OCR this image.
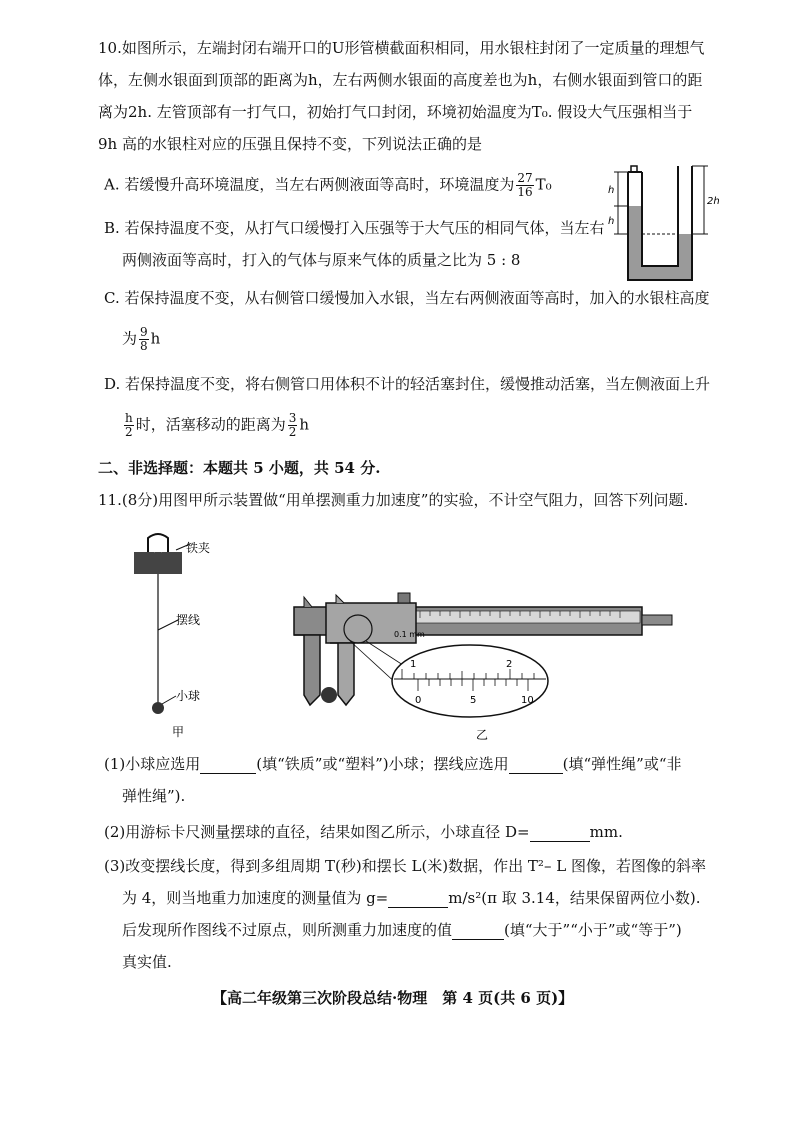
10.如图所示，左端封闭右端开口的U形管横截面积相同，用水银柱封闭了一定质量的理想气
体，左侧水银面到顶部的距离为h，左右两侧水银面的高度差也为h，右侧水银面到管口的距
离为2h. 左管顶部有一打气口，初始打气口封闭，环境初始温度为T₀. 假设大气压强相当于
9h 高的水银柱对应的压强且保持不变，下列说法正确的是
A. 若缓慢升高环境温度，当左右两侧液面等高时，环境温度为 $\frac{27}{16} T_0$
B. 若保持温度不变，从打气口缓慢打入压强等于大气压的相同气体，当左右
两侧液面等高时，打入的气体与原来气体的质量之比为 5 : 8
C. 若保持温度不变，从右侧管口缓慢加入水银，当左右两侧液面等高时，加入的水银柱高度
为 $\frac{9}{8}$ h
D. 若保持温度不变，将右侧管口用体积不计的轻活塞封住，缓慢推动活塞，当左侧液面上升
$\frac{h}{2}$ 时，活塞移动的距离为 $\frac{3}{2}$ h
h
h
2h
二、非选择题：本题共 5 小题，共 54 分.
11.(8分)用图甲所示装置做“用单摆测重力加速度”的实验，不计空气阻力，回答下列问题.
铁夹
摆线
小球
甲
0.1 mm
1	2
0	5	10
乙
(1)小球应选用	(填“铁质”或“塑料”)小球；摆线应选用	(填“弹性绳”或“非
弹性绳”).
(2)用游标卡尺测量摆球的直径，结果如图乙所示，小球直径 D=	mm.
(3)改变摆线长度，得到多组周期 T(秒)和摆长 L(米)数据，作出 T²– L 图像，若图像的斜率
为 4，则当地重力加速度的测量值为 g=	m/s²(π 取 3.14，结果保留两位小数).
后发现所作图线不过原点，则所测重力加速度的值	(填“大于”“小于”或“等于”)
真实值.
【高二年级第三次阶段总结·物理　第 4 页(共 6 页)】
